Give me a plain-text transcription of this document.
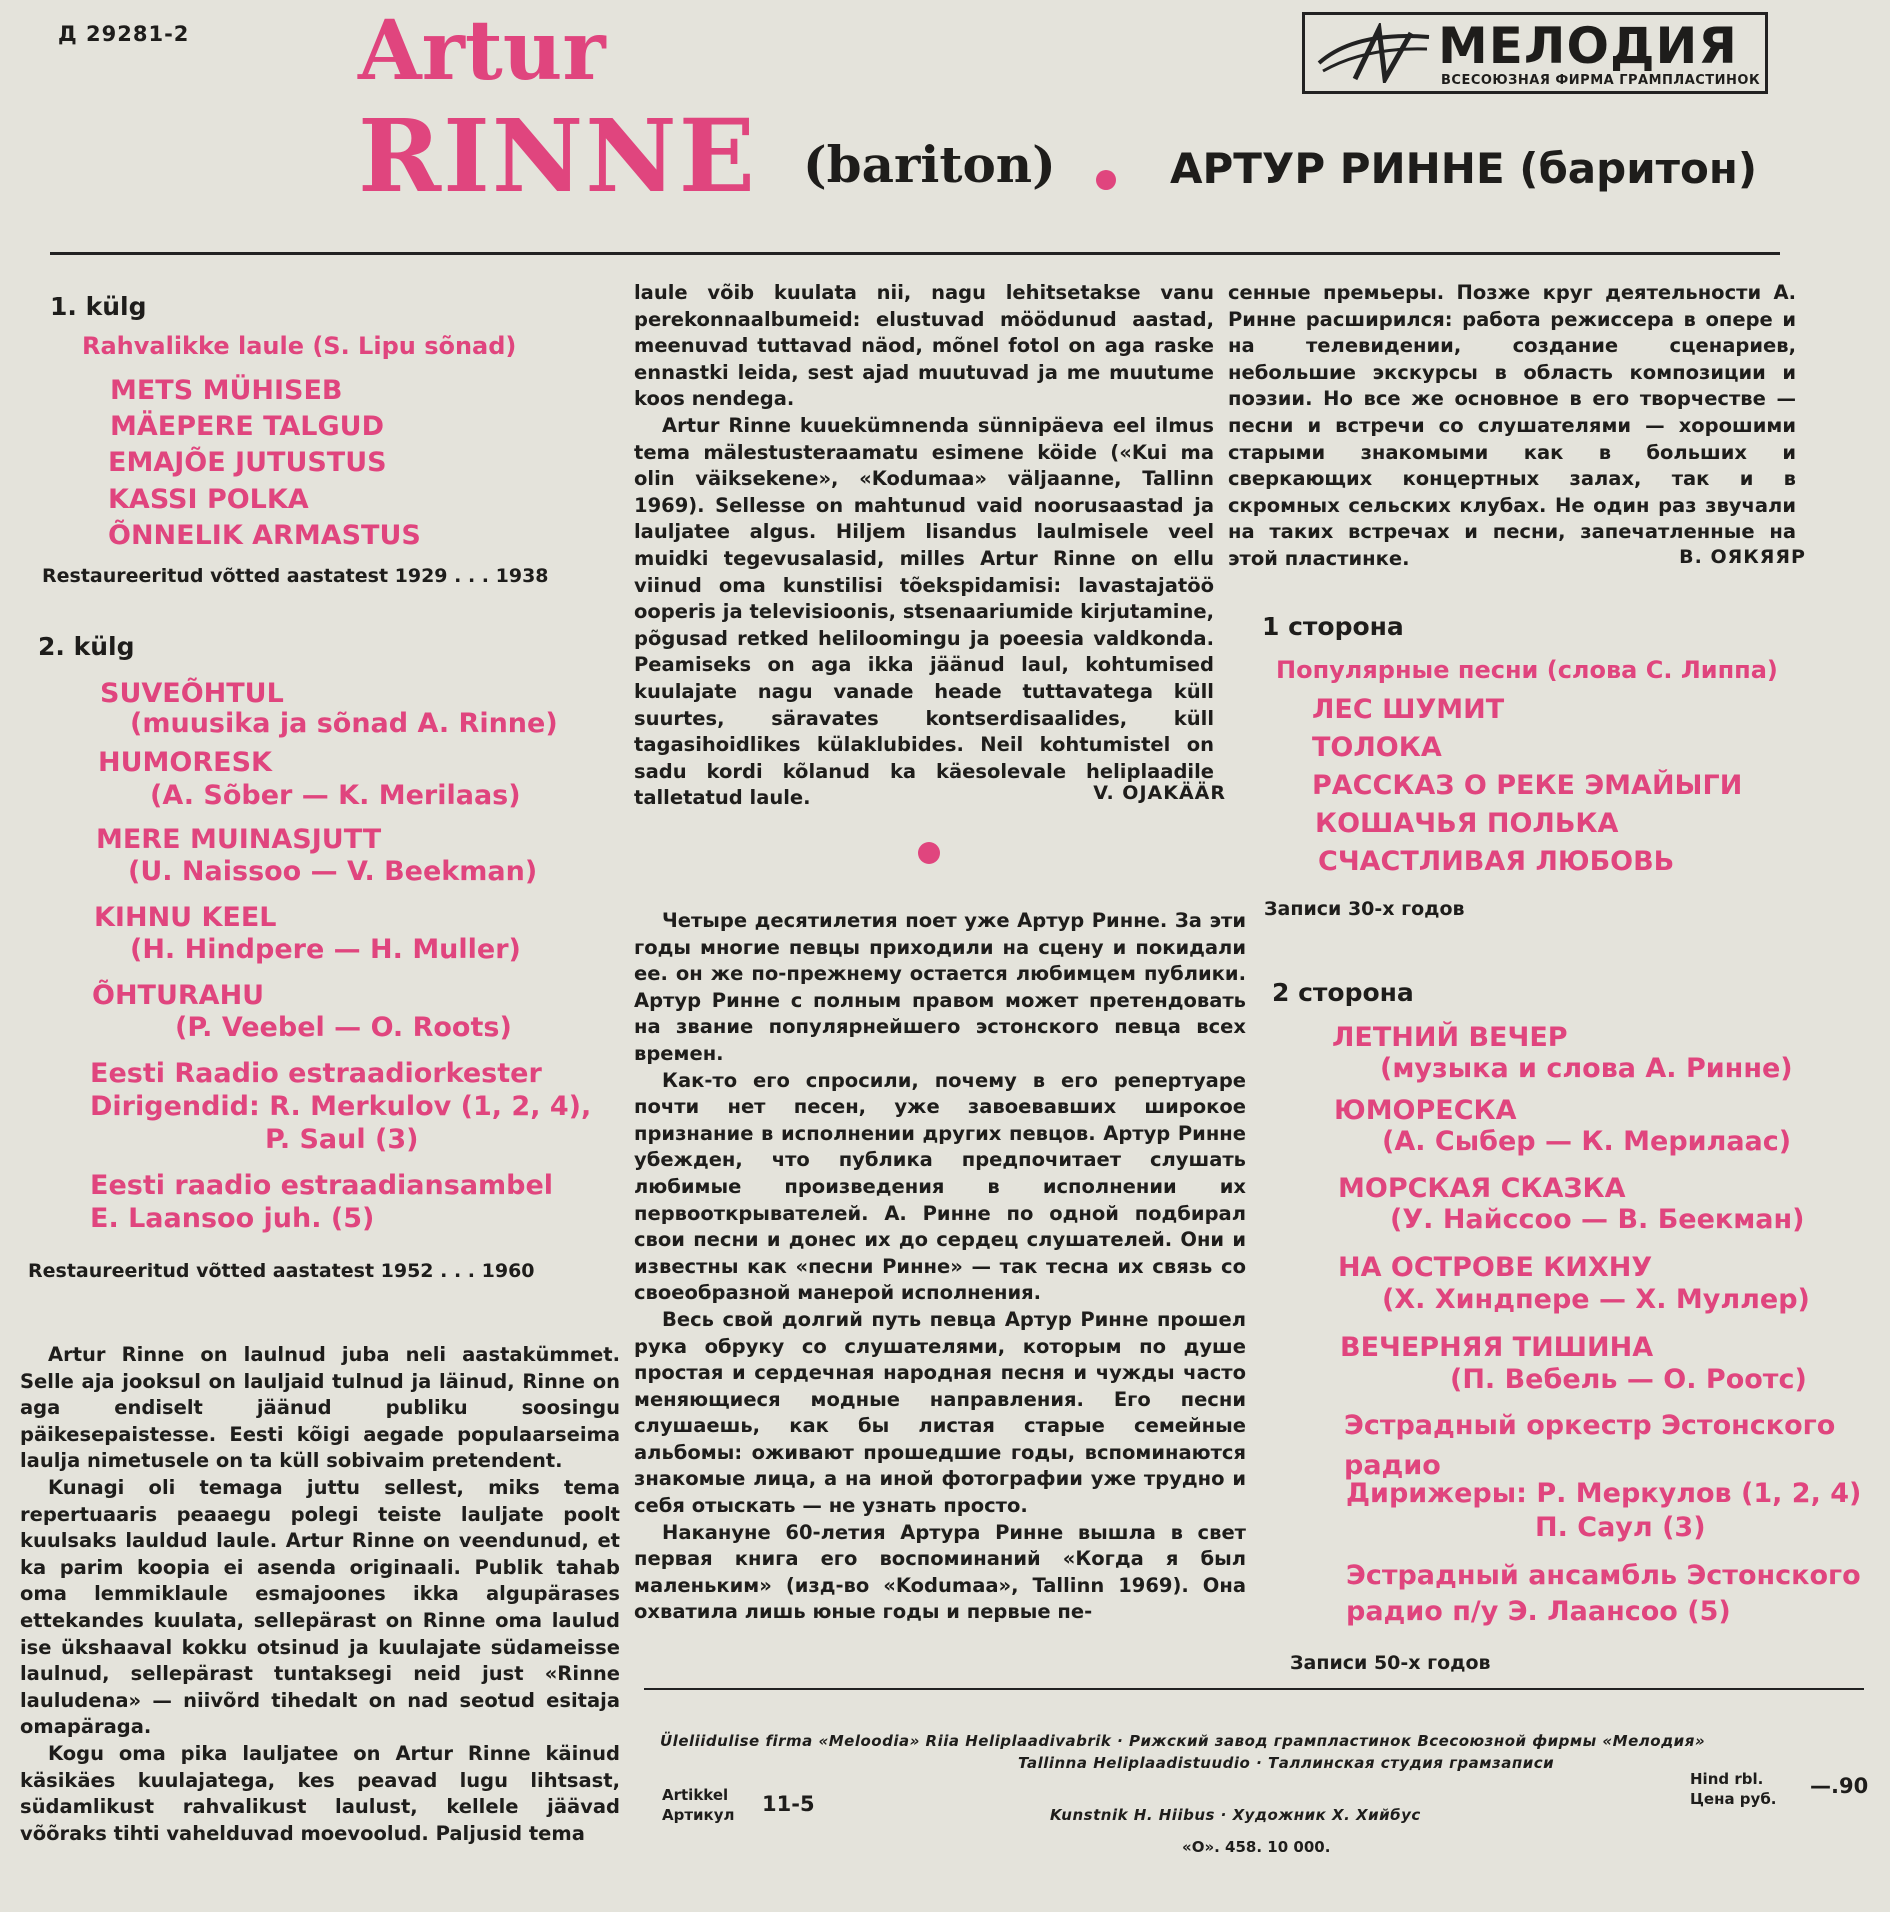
Д 29281-2 Artur
RINNE (bariton)	АРТУР РИННЕ (баритон)
МЕЛОДИЯ
ВСЕСОЮЗНАЯ ФИРМА ГРАМПЛАСТИНОК
1. külg
Rahvalikke laule (S. Lipu sõnad)
METS MÜHISEB
MÄEPERE TALGUD
EMAJÕE JUTUSTUS
KASSI POLKA
ÕNNELIK ARMASTUS
Restaureeritud võtted aastatest 1929 . . . 1938
2. külg
SUVEÕHTUL
(muusika ja sõnad A. Rinne)
HUMORESK
(A. Sõber — K. Merilaas)
MERE MUINASJUTT
(U. Naissoo — V. Beekman)
KIHNU KEEL
(H. Hindpere — H. Muller)
ÕHTURAHU
(P. Veebel — O. Roots)
Eesti Raadio estraadiorkester
Dirigendid: R. Merkulov (1, 2, 4),
P. Saul (3)
Eesti raadio estraadiansambel
E. Laansoo juh. (5)
Restaureeritud võtted aastatest 1952 . . . 1960

Artur Rinne on laulnud juba neli aastakümmet. Selle aja jooksul on lauljaid tulnud ja läinud, Rinne on aga endiselt jäänud publiku soosingu päikesepaistesse. Eesti kõigi aegade populaarseima laulja nimetusele on ta küll sobivaim pretendent.

Kunagi oli temaga juttu sellest, miks tema repertuaaris peaaegu polegi teiste lauljate poolt kuulsaks lauldud laule. Artur Rinne on veendunud, et ka parim koopia ei asenda originaali. Publik tahab oma lemmiklaule esmajoones ikka algupärases ettekandes kuulata, sellepärast on Rinne oma laulud ise ükshaaval kokku otsinud ja kuulajate südameisse laulnud, sellepärast tuntaksegi neid just «Rinne lauludena» — niivõrd tihedalt on nad seotud esitaja omapäraga.

Kogu oma pika lauljatee on Artur Rinne käinud käsikäes kuulajatega, kes peavad lugu lihtsast, südamlikust rahvalikust laulust, kellele jäävad võõraks tihti vahelduvad moevoolud. Paljusid tema

laule võib kuulata nii, nagu lehitsetakse vanu perekonnaalbumeid: elustuvad möödunud aastad, meenuvad tuttavad näod, mõnel fotol on aga raske ennastki leida, sest ajad muutuvad ja me muutume koos nendega.

Artur Rinne kuuekümnenda sünnipäeva eel ilmus tema mälestusteraamatu esimene köide («Kui ma olin väiksekene», «Kodumaa» väljaanne, Tallinn 1969). Sellesse on mahtunud vaid noorusaastad ja lauljatee algus. Hiljem lisandus laulmisele veel muidki tegevusalasid, milles Artur Rinne on ellu viinud oma kunstilisi tõekspidamisi: lavastajatöö ooperis ja televisioonis, stsenaariumide kirjutamine, põgusad retked heliloomingu ja poeesia valdkonda. Peamiseks on aga ikka jäänud laul, kohtumised kuulajate nagu vanade heade tuttavatega küll suurtes, säravates kontserdisaalides, küll tagasihoidlikes külaklubides. Neil kohtumistel on sadu kordi kõlanud ka käesolevale heliplaadile talletatud laule.	V. OJAKÄÄR

Четыре десятилетия поет уже Артур Ринне. За эти годы многие певцы приходили на сцену и покидали ее. он же по-прежнему остается любимцем публики. Артур Ринне с полным правом может претендовать на звание популярнейшего эстонского певца всех времен.

Как-то его спросили, почему в его репертуаре почти нет песен, уже завоевавших широкое признание в исполнении других певцов. Артур Ринне убежден, что публика предпочитает слушать любимые произведения в исполнении их первооткрывателей. А. Ринне по одной подбирал свои песни и донес их до сердец слушателей. Они и известны как «песни Ринне» — так тесна их связь со своеобразной манерой исполнения.

Весь свой долгий путь певца Артур Ринне прошел рука обруку со слушателями, которым по душе простая и сердечная народная песня и чужды часто меняющиеся модные направления. Его песни слушаешь, как бы листая старые семейные альбомы: оживают прошедшие годы, вспоминаются знакомые лица, а на иной фотографии уже трудно и себя отыскать — не узнать просто.

Накануне 60-летия Артура Ринне вышла в свет первая книга его воспоминаний «Когда я был маленьким» (изд-во «Kodumaa», Tallinn 1969). Она охватила лишь юные годы и первые пе-

сенные премьеры. Позже круг деятельности А. Ринне расширился: работа режиссера в опере и на телевидении, создание сценариев, небольшие экскурсы в область композиции и поэзии. Но все же основное в его творчестве — песни и встречи со слушателями — хорошими старыми знакомыми как в больших и сверкающих концертных залах, так и в скромных сельских клубах. Не один раз звучали на таких встречах и песни, запечатленные на этой пластинке.	В. ОЯКЯЯР
1 сторона
Популярные песни (слова С. Липпа)
ЛЕС ШУМИТ
ТОЛОКА
РАССКАЗ О РЕКЕ ЭМАЙЫГИ
КОШАЧЬЯ ПОЛЬКА
СЧАСТЛИВАЯ ЛЮБОВЬ
Записи 30-х годов
2 сторона
ЛЕТНИЙ ВЕЧЕР
(музыка и слова А. Ринне)
ЮМОРЕСКА
(А. Сыбер — К. Мерилаас)
МОРСКАЯ СКАЗКА
(У. Найссоо — В. Беекман)
НА ОСТРОВЕ КИХНУ
(Х. Хиндпере — Х. Муллер)
ВЕЧЕРНЯЯ ТИШИНА
(П. Вебель — О. Роотс)
Эстрадный оркестр Эстонского
радио
Дирижеры: Р. Меркулов (1, 2, 4)
П. Саул (3)
Эстрадный ансамбль Эстонского
радио п/у Э. Лаансоо (5)
Записи 50-х годов
Üleliidulise firma «Meloodia» Riia Heliplaadivabrik · Рижский завод грампластинок Всесоюзной фирмы «Мелодия»
Tallinna Heliplaadistuudio · Таллинская студия грамзаписи
Artikkel
Артикул 11-5	Kunstnik H. Hiibus · Художник Х. Хийбус
«О». 458. 10 000.
Hind rbl.
Цена руб.
—.90
